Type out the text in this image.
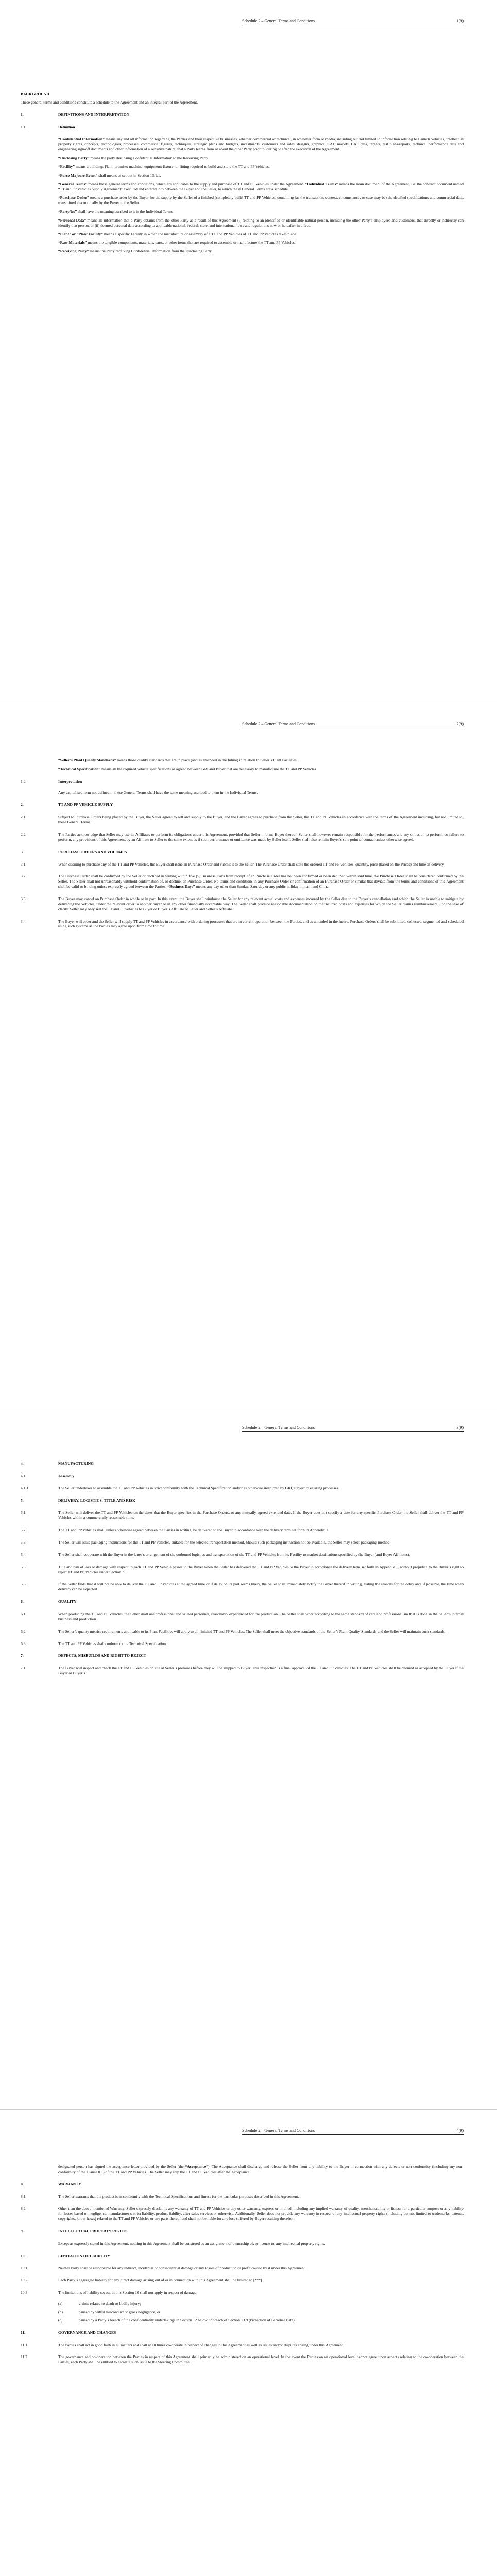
Schedule 2 – General Terms and Conditions	1(9)
BACKGROUND
These general terms and conditions constitute a schedule to the Agreement and an integral part of the Agreement.
1.	DEFINITIONS AND INTERPRETATION
1.1	Definition
“Confidential Information” means any and all information regarding the Parties and their respective businesses, whether commercial or technical, in whatever form or media, including but not limited to information relating to Launch Vehicles, intellectual property rights, concepts, technologies, processes, commercial figures, techniques, strategic plans and budgets, investments, customers and sales, designs, graphics, CAD models, CAE data, targets, test plans/reports, technical performance data and engineering sign-off documents and other information of a sensitive nature, that a Party learns from or about the other Party prior to, during or after the execution of the Agreement.
“Disclosing Party” means the party disclosing Confidential Information to the Receiving Party.
“Facility” means a building; Plant; premise; machine; equipment; fixture; or fitting required to build and store the TT and PP Vehicles.
“Force Majeure Event” shall means as set out in Section 13.1.1.
“General Terms” means these general terms and conditions, which are applicable to the supply and purchase of TT and PP Vehicles under the Agreement. “Individual Terms” means the main document of the Agreement, i.e. the contract document named “TT and PP Vehicles Supply Agreement” executed and entered into between the Buyer and the Seller, to which these General Terms are a schedule.
“Purchase Order” means a purchase order by the Buyer for the supply by the Seller of a finished (completely built) TT and PP Vehicles, containing (as the transaction, context, circumstance, or case may be) the detailed specifications and commercial data, transmitted electronically by the Buyer to the Seller.
“Party/ies” shall have the meaning ascribed to it in the Individual Terms.
“Personal Data” means all information that a Party obtains from the other Party as a result of this Agreement (i) relating to an identified or identifiable natural person, including the other Party’s employees and customers, that directly or indirectly can identify that person, or (ii) deemed personal data according to applicable national, federal, state, and international laws and regulations now or hereafter in effect.
“Plant” or “Plant Facility” means a specific Facility in which the manufacture or assembly of a TT and PP Vehicles of TT and PP Vehicles takes place.
“Raw Materials” means the tangible components, materials, parts, or other items that are required to assemble or manufacture the TT and PP Vehicles.
“Receiving Party” means the Party receiving Confidential Information from the Disclosing Party.
Schedule 2 – General Terms and Conditions	2(9)
“Seller’s Plant Quality Standards” means those quality standards that are in place (and as amended in the future) in relation to Seller’s Plant Facilities.
“Technical Specification” means all the required vehicle specifications as agreed between GRI and Buyer that are necessary to manufacture the TT and PP Vehicles.
1.2	Interpretation
Any capitalised term not defined in these General Terms shall have the same meaning ascribed to them in the Individual Terms.
2.	TT AND PP VEHICLE SUPPLY
2.1	Subject to Purchase Orders being placed by the Buyer, the Seller agrees to sell and supply to the Buyer, and the Buyer agrees to purchase from the Seller, the TT and PP Vehicles in accordance with the terms of the Agreement including, but not limited to, these General Terms.
2.2	The Parties acknowledge that Seller may use its Affiliates to perform its obligations under this Agreement, provided that Seller informs Buyer thereof. Seller shall however remain responsible for the performance, and any omission to perform, or failure to perform, any provisions of this Agreement, by an Affiliate to Seller to the same extent as if such performance or omittance was made by Seller itself. Seller shall also remain Buyer’s sole point of contact unless otherwise agreed.
3.	PURCHASE ORDERS AND VOLUMES
3.1	When desiring to purchase any of the TT and PP Vehicles, the Buyer shall issue an Purchase Order and submit it to the Seller. The Purchase Order shall state the ordered TT and PP Vehicles, quantity, price (based on the Prices) and time of delivery.
3.2	The Purchase Order shall be confirmed by the Seller or declined in writing within five (5) Business Days from receipt. If an Purchase Order has not been confirmed or been declined within said time, the Purchase Order shall be considered confirmed by the Seller. The Seller shall not unreasonably withhold confirmation of, or decline, an Purchase Order. No terms and conditions in any Purchase Order or confirmation of an Purchase Order or similar that deviate from the terms and conditions of this Agreement shall be valid or binding unless expressly agreed between the Parties. “Business Days” means any day other than Sunday, Saturday or any public holiday in mainland China.
3.3	The Buyer may cancel an Purchase Order in whole or in part. In this event, the Buyer shall reimburse the Seller for any relevant actual costs and expenses incurred by the Seller due to the Buyer’s cancellation and which the Seller is unable to mitigate by delivering the Vehicles, under the relevant order to another buyer or in any other financially acceptable way. The Seller shall produce reasonable documentation on the incurred costs and expenses for which the Seller claims reimbursement. For the sake of clarity, Seller may only sell the TT and PP vehicles to Buyer or Buyer’s Affiliate or Seller and Seller’s Affiliate.
3.4	The Buyer will order and the Seller will supply TT and PP Vehicles in accordance with ordering processes that are in current operation between the Parties, and as amended in the future. Purchase Orders shall be submitted, collected, segmented and scheduled using such systems as the Parties may agree upon from time to time.
Schedule 2 – General Terms and Conditions	3(9)
4.	MANUFACTURING
4.1	Assembly
4.1.1	The Seller undertakes to assemble the TT and PP Vehicles in strict conformity with the Technical Specification and/or as otherwise instructed by GRI, subject to existing processes.
5.	DELIVERY, LOGISTICS, TITLE AND RISK
5.1	The Seller will deliver the TT and PP Vehicles on the dates that the Buyer specifies in the Purchase Orders, or any mutually agreed extended date. If the Buyer does not specify a date for any specific Purchase Order, the Seller shall deliver the TT and PP Vehicles within a commercially reasonable time.
5.2	The TT and PP Vehicles shall, unless otherwise agreed between the Parties in writing, be delivered to the Buyer in accordance with the delivery term set forth in Appendix 1.
5.3	The Seller will issue packaging instructions for the TT and PP Vehicles, suitable for the selected transportation method. Should such packaging instruction not be available, the Seller may select packaging method.
5.4	The Seller shall cooperate with the Buyer in the latter’s arrangement of the outbound logistics and transportation of the TT and PP Vehicles from its Facility to market destinations specified by the Buyer (and Buyer Affiliates).
5.5	Title and risk of loss or damage with respect to each TT and PP Vehicle passes to the Buyer when the Seller has delivered the TT and PP Vehicles to the Buyer in accordance the delivery term set forth in Appendix 1, without prejudice to the Buyer’s right to reject TT and PP Vehicles under Section 7.
5.6	If the Seller finds that it will not be able to deliver the TT and PP Vehicles at the agreed time or if delay on its part seems likely, the Seller shall immediately notify the Buyer thereof in writing, stating the reasons for the delay and, if possible, the time when delivery can be expected.
6.	QUALITY
6.1	When producing the TT and PP Vehicles, the Seller shall use professional and skilled personnel, reasonably experienced for the production. The Seller shall work according to the same standard of care and professionalism that is done in the Seller’s internal business and production.
6.2	The Seller’s quality metrics requirements applicable to its Plant Facilities will apply to all finished TT and PP Vehicles. The Seller shall meet the objective standards of the Seller’s Plant Quality Standards and the Seller will maintain such standards.
6.3	The TT and PP Vehicles shall conform to the Technical Specification.
7.	DEFECTS, MISBUILDS AND RIGHT TO REJECT
7.1	The Buyer will inspect and check the TT and PP Vehicles on site at Seller’s premises before they will be shipped to Buyer. This inspection is a final approval of the TT and PP Vehicles. The TT and PP Vehicles shall be deemed as accepted by the Buyer if the Buyer or Buyer’s
Schedule 2 – General Terms and Conditions	4(9)
designated person has signed the acceptance letter provided by the Seller (the “Acceptance”). The Acceptance shall discharge and release the Seller from any liability to the Buyer in connection with any defects or non-conformity (including any non-conformity of the Clause 8.1) of the TT and PP Vehicles. The Seller may ship the TT and PP Vehicles after the Acceptance.
8.	WARRANTY
8.1	The Seller warrants that the product is in conformity with the Technical Specifications and fitness for the particular purposes described in this Agreement.
8.2	Other than the above-mentioned Warranty, Seller expressly disclaims any warranty of TT and PP Vehicles or any other warranty, express or implied, including any implied warranty of quality, merchantability or fitness for a particular purpose or any liability for losses based on negligence, manufacturer’s strict liability, product liability, after-sales services or otherwise. Additionally, Seller does not provide any warranty in respect of any intellectual property rights (including but not limited to trademarks, patents, copyrights, know-hows) related to the TT and PP Vehicles or any parts thereof and shall not be liable for any loss suffered by Buyer resulting therefrom.
9.	INTELLECTUAL PROPERTY RIGHTS
Except as expressly stated in this Agreement, nothing in this Agreement shall be construed as an assignment of ownership of, or license to, any intellectual property rights.
10.	LIMITATION OF LIABILITY
10.1	Neither Party shall be responsible for any indirect, incidental or consequential damage or any losses of production or profit caused by it under this Agreement.
10.2	Each Party’s aggregate liability for any direct damage arising out of or in connection with this Agreement shall be limited to [***].
10.3	The limitations of liability set out in this Section 10 shall not apply in respect of damage;
(a)	claims related to death or bodily injury;
(b)	caused by wilful misconduct or gross negligence, or
(c)	caused by a Party’s breach of the confidentiality undertakings in Section 12 below or breach of Section 13.9 (Protection of Personal Data).
11.	GOVERNANCE AND CHANGES
11.1	The Parties shall act in good faith in all matters and shall at all times co-operate in respect of changes to this Agreement as well as issues and/or disputes arising under this Agreement.
11.2	The governance and co-operation between the Parties in respect of this Agreement shall primarily be administered on an operational level. In the event the Parties on an operational level cannot agree upon aspects relating to the co-operation between the Parties, each Party shall be entitled to escalate such issue to the Steering Committee.
